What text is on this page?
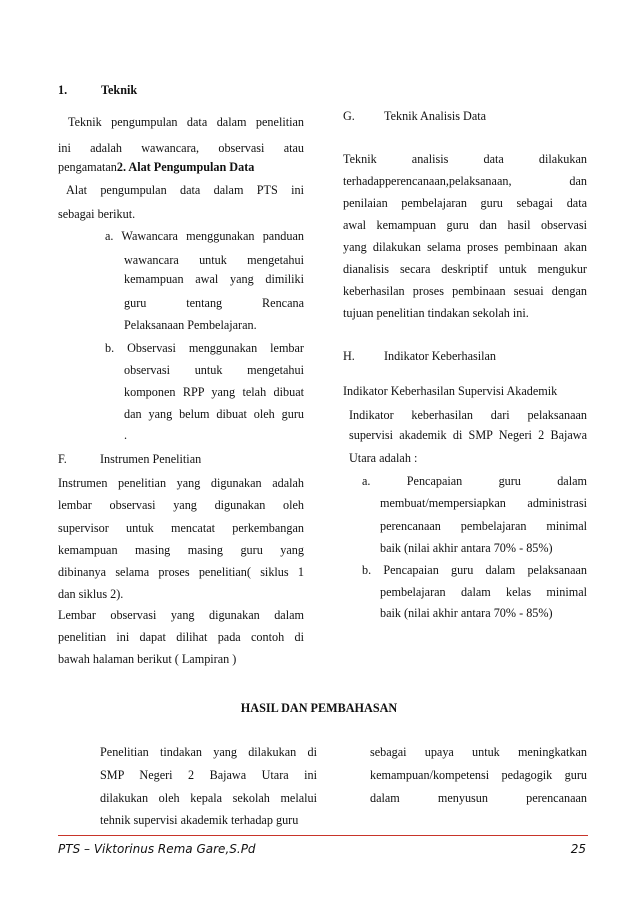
1.	Teknik
Teknik pengumpulan data dalam penelitian
ini adalah wawancara, observasi atau
pengamatan2. Alat Pengumpulan Data
Alat pengumpulan data dalam PTS ini
sebagai berikut.
a. Wawancara menggunakan panduan
wawancara untuk mengetahui
kemampuan awal yang dimiliki
guru tentang Rencana
Pelaksanaan Pembelajaran.
b. Observasi menggunakan lembar
observasi untuk mengetahui
komponen RPP yang telah dibuat
dan yang belum dibuat oleh guru
.
F.	Instrumen Penelitian
Instrumen penelitian yang digunakan adalah
lembar observasi yang digunakan oleh
supervisor untuk mencatat perkembangan
kemampuan masing masing guru yang
dibinanya selama proses penelitian( siklus 1
dan siklus 2).
Lembar observasi yang digunakan dalam
penelitian ini dapat dilihat pada contoh di
bawah halaman berikut ( Lampiran )
G. Teknik Analisis Data
Teknik analisis data dilakukan
terhadapperencanaan,pelaksanaan, dan
penilaian pembelajaran guru sebagai data
awal kemampuan guru dan hasil observasi
yang dilakukan selama proses pembinaan akan
dianalisis secara deskriptif untuk mengukur
keberhasilan proses pembinaan sesuai dengan
tujuan penelitian tindakan sekolah ini.
H. Indikator Keberhasilan
Indikator Keberhasilan Supervisi Akademik
Indikator keberhasilan dari pelaksanaan
supervisi akademik di SMP Negeri 2 Bajawa
Utara adalah :
a. Pencapaian guru dalam
membuat/mempersiapkan administrasi
perencanaan pembelajaran minimal
baik (nilai akhir antara 70% - 85%)
b. Pencapaian guru dalam pelaksanaan
pembelajaran dalam kelas minimal
baik (nilai akhir antara 70% - 85%)
HASIL DAN PEMBAHASAN
Penelitian tindakan yang dilakukan di
SMP Negeri 2 Bajawa Utara ini
dilakukan oleh kepala sekolah melalui
tehnik supervisi akademik terhadap guru
sebagai upaya untuk meningkatkan
kemampuan/kompetensi pedagogik guru
dalam menyusun perencanaan
PTS – Viktorinus Rema Gare,S.Pd	25
